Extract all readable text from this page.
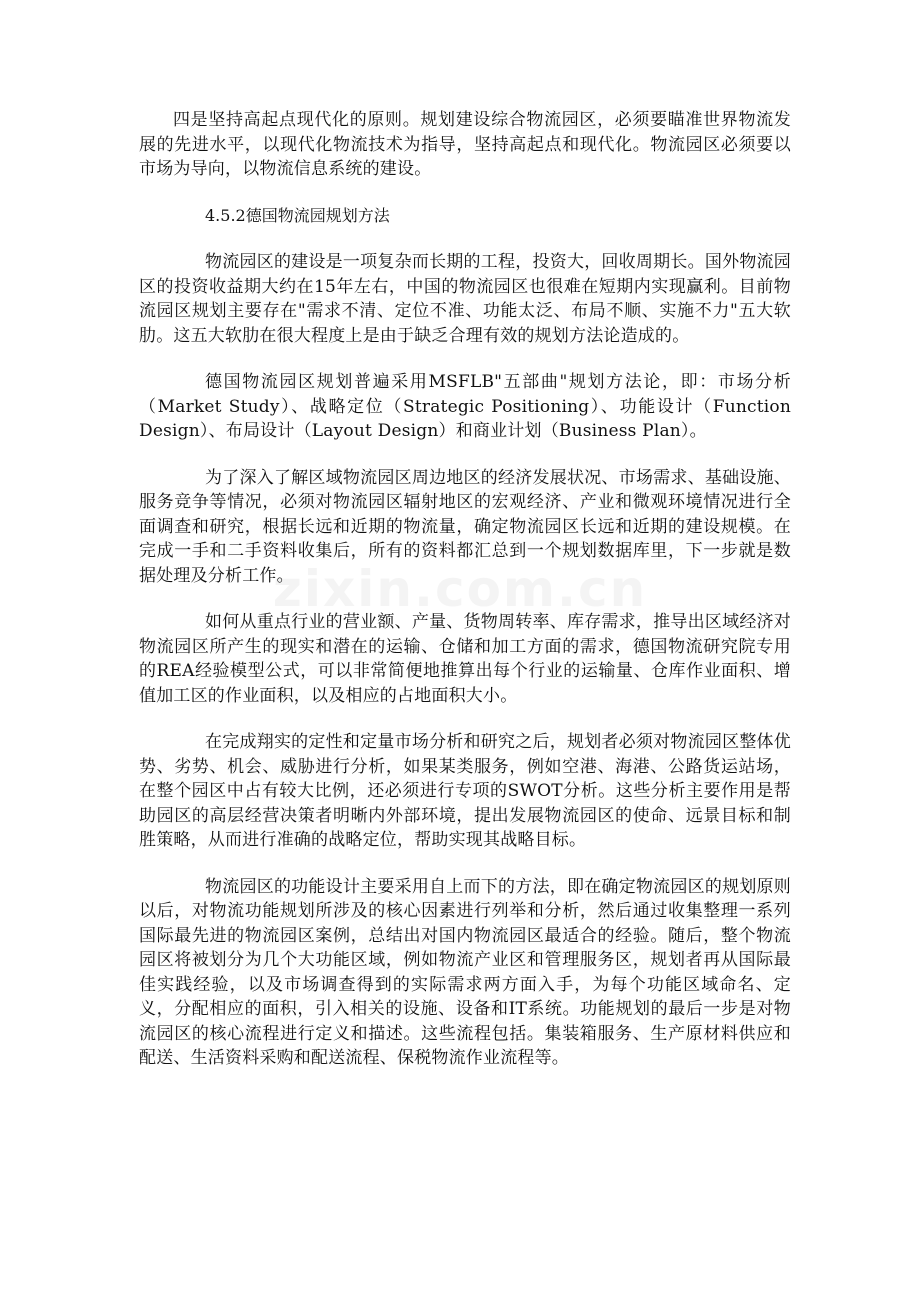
zixin.com.cn

四是坚持高起点现代化的原则。规划建设综合物流园区，必须要瞄准世界物流发展的先进水平，以现代化物流技术为指导，坚持高起点和现代化。物流园区必须要以市场为导向，以物流信息系统的建设。

4.5.2德国物流园规划方法

物流园区的建设是一项复杂而长期的工程，投资大，回收周期长。国外物流园区的投资收益期大约在15年左右，中国的物流园区也很难在短期内实现赢利。目前物流园区规划主要存在"需求不清、定位不准、功能太泛、布局不顺、实施不力"五大软肋。这五大软肋在很大程度上是由于缺乏合理有效的规划方法论造成的。

德国物流园区规划普遍采用MSFLB"五部曲"规划方法论，即：市场分析（Market Study）、战略定位（Strategic Positioning）、功能设计（Function Design）、布局设计（Layout Design）和商业计划（Business Plan）。

为了深入了解区域物流园区周边地区的经济发展状况、市场需求、基础设施、服务竞争等情况，必须对物流园区辐射地区的宏观经济、产业和微观环境情况进行全面调查和研究，根据长远和近期的物流量，确定物流园区长远和近期的建设规模。在完成一手和二手资料收集后，所有的资料都汇总到一个规划数据库里，下一步就是数据处理及分析工作。

如何从重点行业的营业额、产量、货物周转率、库存需求，推导出区域经济对物流园区所产生的现实和潜在的运输、仓储和加工方面的需求，德国物流研究院专用的REA经验模型公式，可以非常简便地推算出每个行业的运输量、仓库作业面积、增值加工区的作业面积，以及相应的占地面积大小。

在完成翔实的定性和定量市场分析和研究之后，规划者必须对物流园区整体优势、劣势、机会、威胁进行分析，如果某类服务，例如空港、海港、公路货运站场，在整个园区中占有较大比例，还必须进行专项的SWOT分析。这些分析主要作用是帮助园区的高层经营决策者明晰内外部环境，提出发展物流园区的使命、远景目标和制胜策略，从而进行准确的战略定位，帮助实现其战略目标。

物流园区的功能设计主要采用自上而下的方法，即在确定物流园区的规划原则以后，对物流功能规划所涉及的核心因素进行列举和分析，然后通过收集整理一系列国际最先进的物流园区案例，总结出对国内物流园区最适合的经验。随后，整个物流园区将被划分为几个大功能区域，例如物流产业区和管理服务区，规划者再从国际最佳实践经验，以及市场调查得到的实际需求两方面入手，为每个功能区域命名、定义，分配相应的面积，引入相关的设施、设备和IT系统。功能规划的最后一步是对物流园区的核心流程进行定义和描述。这些流程包括。集装箱服务、生产原材料供应和配送、生活资料采购和配送流程、保税物流作业流程等。
